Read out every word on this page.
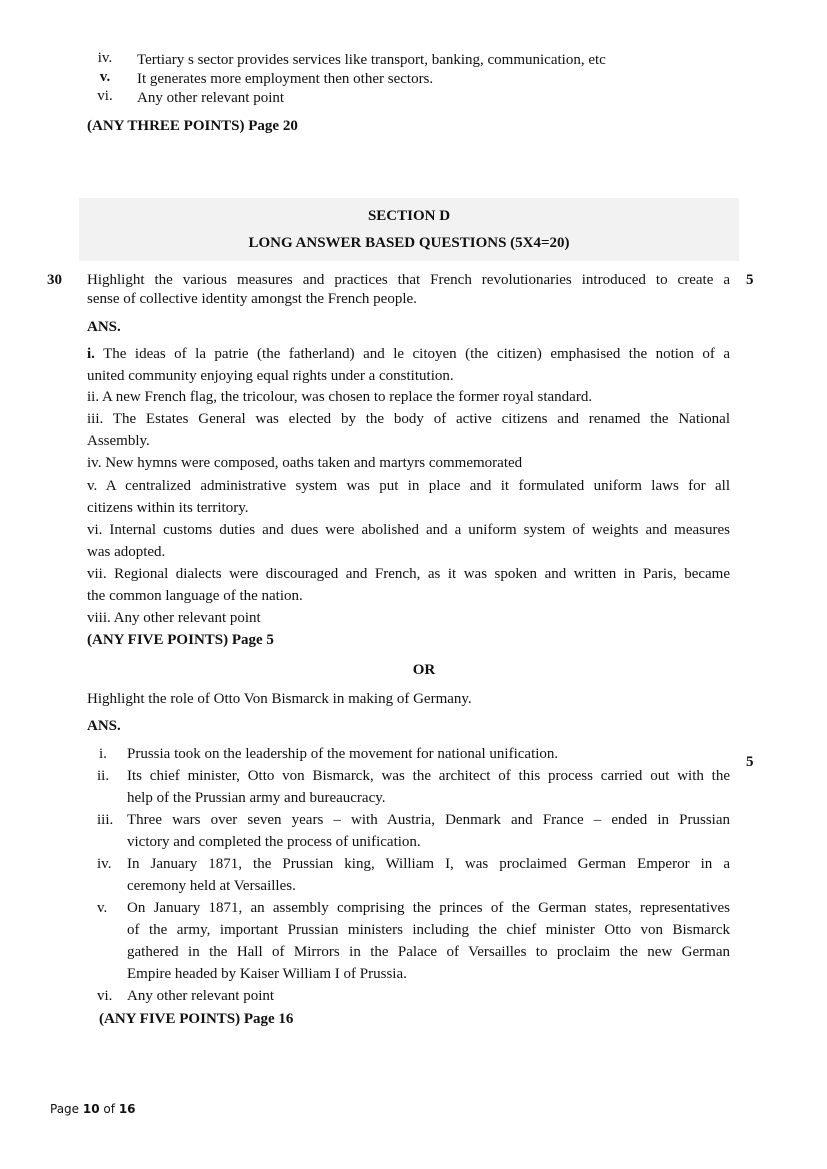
iv.	Tertiary s sector provides services like transport, banking, communication, etc
v.	It generates more employment then other sectors.
vi.	Any other relevant point
(ANY THREE POINTS) Page 20
SECTION D
LONG ANSWER BASED QUESTIONS (5X4=20)
30 Highlight the various measures and practices that French revolutionaries introduced to create a 5
sense of collective identity amongst the French people.
ANS.
i. The ideas of la patrie (the fatherland) and le citoyen (the citizen) emphasised the notion of a
united community enjoying equal rights under a constitution.
ii. A new French flag, the tricolour, was chosen to replace the former royal standard.
iii. The Estates General was elected by the body of active citizens and renamed the National
Assembly.
iv. New hymns were composed, oaths taken and martyrs commemorated
v. A centralized administrative system was put in place and it formulated uniform laws for all
citizens within its territory.
vi. Internal customs duties and dues were abolished and a uniform system of weights and measures
was adopted.
vii. Regional dialects were discouraged and French, as it was spoken and written in Paris, became
the common language of the nation.
viii. Any other relevant point
(ANY FIVE POINTS) Page 5
OR
Highlight the role of Otto Von Bismarck in making of Germany.
ANS.
5
i. Prussia took on the leadership of the movement for national unification.
ii. Its chief minister, Otto von Bismarck, was the architect of this process carried out with the
help of the Prussian army and bureaucracy.
iii. Three wars over seven years – with Austria, Denmark and France – ended in Prussian
victory and completed the process of unification.
iv. In January 1871, the Prussian king, William I, was proclaimed German Emperor in a
ceremony held at Versailles.
v. On January 1871, an assembly comprising the princes of the German states, representatives
of the army, important Prussian ministers including the chief minister Otto von Bismarck
gathered in the Hall of Mirrors in the Palace of Versailles to proclaim the new German
Empire headed by Kaiser William I of Prussia.
vi. Any other relevant point
(ANY FIVE POINTS) Page 16
Page 10 of 16
